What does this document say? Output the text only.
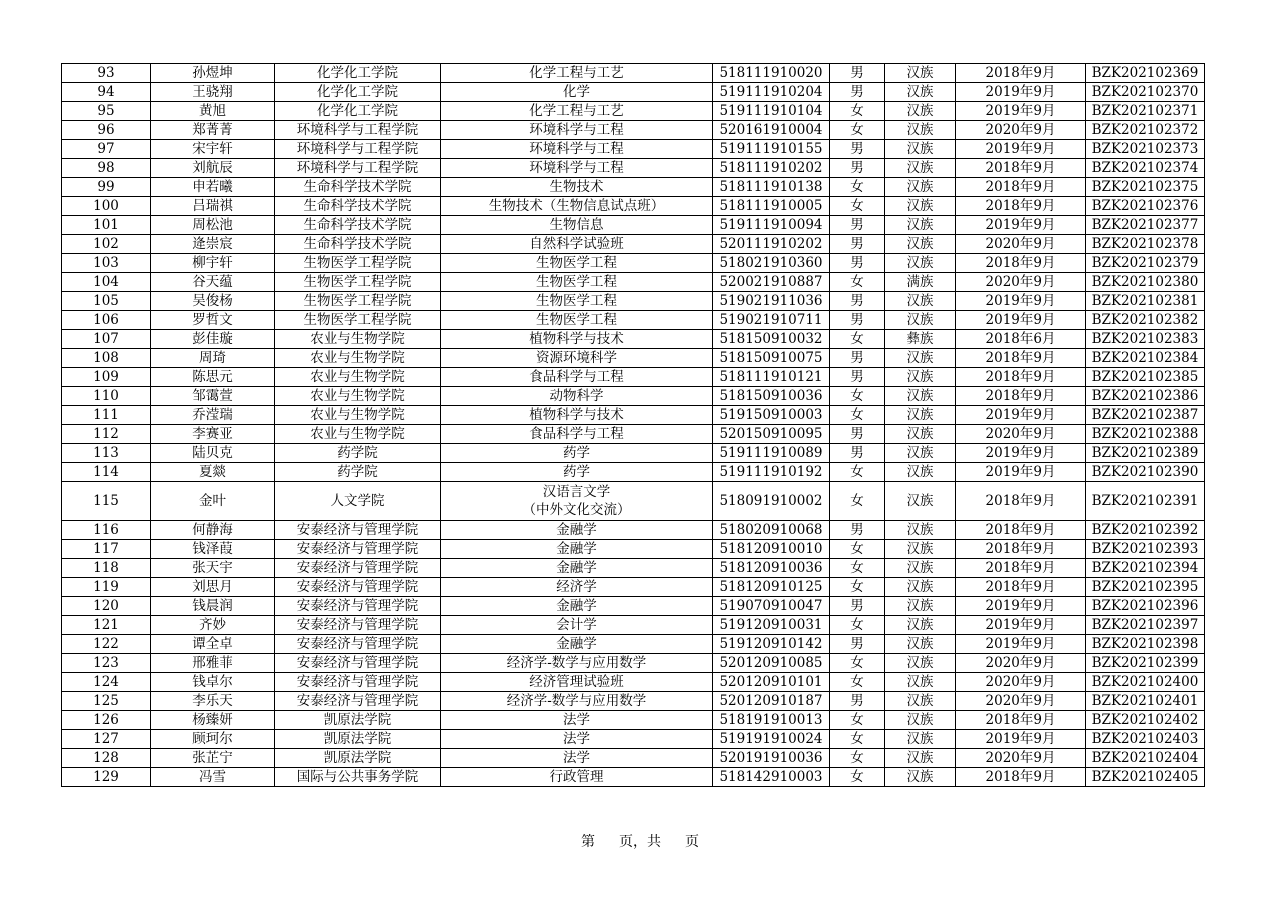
93	孙煜坤	化学化工学院	化学工程与工艺	518111910020	男	汉族	2018年9月	BZK202102369
94	王骁翔	化学化工学院	化学	519111910204	男	汉族	2019年9月	BZK202102370
95	黄旭	化学化工学院	化学工程与工艺	519111910104	女	汉族	2019年9月	BZK202102371
96	郑菁菁	环境科学与工程学院	环境科学与工程	520161910004	女	汉族	2020年9月	BZK202102372
97	宋宇轩	环境科学与工程学院	环境科学与工程	519111910155	男	汉族	2019年9月	BZK202102373
98	刘航辰	环境科学与工程学院	环境科学与工程	518111910202	男	汉族	2018年9月	BZK202102374
99	申若曦	生命科学技术学院	生物技术	518111910138	女	汉族	2018年9月	BZK202102375
100	吕瑞祺	生命科学技术学院	生物技术（生物信息试点班）	518111910005	女	汉族	2018年9月	BZK202102376
101	周松池	生命科学技术学院	生物信息	519111910094	男	汉族	2019年9月	BZK202102377
102	逄崇宸	生命科学技术学院	自然科学试验班	520111910202	男	汉族	2020年9月	BZK202102378
103	柳宇轩	生物医学工程学院	生物医学工程	518021910360	男	汉族	2018年9月	BZK202102379
104	谷天蕴	生物医学工程学院	生物医学工程	520021910887	女	满族	2020年9月	BZK202102380
105	吴俊杨	生物医学工程学院	生物医学工程	519021911036	男	汉族	2019年9月	BZK202102381
106	罗哲文	生物医学工程学院	生物医学工程	519021910711	男	汉族	2019年9月	BZK202102382
107	彭佳璇	农业与生物学院	植物科学与技术	518150910032	女	彝族	2018年6月	BZK202102383
108	周琦	农业与生物学院	资源环境科学	518150910075	男	汉族	2018年9月	BZK202102384
109	陈思元	农业与生物学院	食品科学与工程	518111910121	男	汉族	2018年9月	BZK202102385
110	邹霭萱	农业与生物学院	动物科学	518150910036	女	汉族	2018年9月	BZK202102386
111	乔滢瑞	农业与生物学院	植物科学与技术	519150910003	女	汉族	2019年9月	BZK202102387
112	李赛亚	农业与生物学院	食品科学与工程	520150910095	男	汉族	2020年9月	BZK202102388
113	陆贝克	药学院	药学	519111910089	男	汉族	2019年9月	BZK202102389
114	夏燚	药学院	药学	519111910192	女	汉族	2019年9月	BZK202102390
115	金叶	人文学院	汉语言文学
（中外文化交流）	518091910002	女	汉族	2018年9月	BZK202102391
116	何静海	安泰经济与管理学院	金融学	518020910068	男	汉族	2018年9月	BZK202102392
117	钱泽葭	安泰经济与管理学院	金融学	518120910010	女	汉族	2018年9月	BZK202102393
118	张天宇	安泰经济与管理学院	金融学	518120910036	女	汉族	2018年9月	BZK202102394
119	刘思月	安泰经济与管理学院	经济学	518120910125	女	汉族	2018年9月	BZK202102395
120	钱晨润	安泰经济与管理学院	金融学	519070910047	男	汉族	2019年9月	BZK202102396
121	齐妙	安泰经济与管理学院	会计学	519120910031	女	汉族	2019年9月	BZK202102397
122	谭全卓	安泰经济与管理学院	金融学	519120910142	男	汉族	2019年9月	BZK202102398
123	邢雅菲	安泰经济与管理学院	经济学-数学与应用数学	520120910085	女	汉族	2020年9月	BZK202102399
124	钱卓尔	安泰经济与管理学院	经济管理试验班	520120910101	女	汉族	2020年9月	BZK202102400
125	李乐天	安泰经济与管理学院	经济学-数学与应用数学	520120910187	男	汉族	2020年9月	BZK202102401
126	杨臻妍	凯原法学院	法学	518191910013	女	汉族	2018年9月	BZK202102402
127	顾珂尔	凯原法学院	法学	519191910024	女	汉族	2019年9月	BZK202102403
128	张芷宁	凯原法学院	法学	520191910036	女	汉族	2020年9月	BZK202102404
129	冯雪	国际与公共事务学院	行政管理	518142910003	女	汉族	2018年9月	BZK202102405
第 页，共 页
